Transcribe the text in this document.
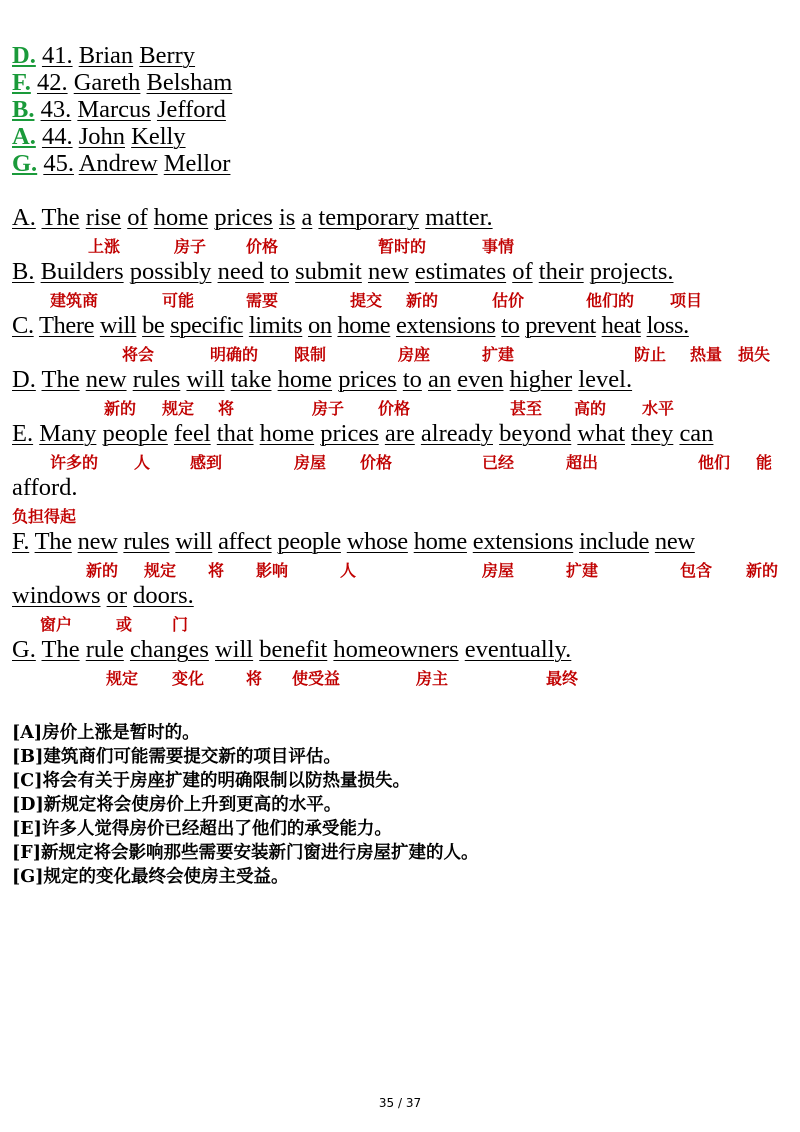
D. 41. Brian Berry
F. 42. Gareth Belsham
B. 43. Marcus Jefford
A. 44. John Kelly
G. 45. Andrew Mellor
A. The rise of home prices is a temporary matter.
上涨	房子 价格	暂时的	事情
B. Builders possibly need to submit new estimates of their projects.
建筑商	可能	需要	提交 新的	估价	他们的 项目
C. There will be specific limits on home extensions to prevent heat loss.
将会	明确的 限制	房座	扩建	防止 热量 损失
D. The new rules will take home prices to an even higher level.
新的 规定 将	房子 价格	甚至 高的 水平
E. Many people feel that home prices are already beyond what they can
许多的 人 感到	房屋 价格	已经	超出	他们 能
afford.
负担得起
F. The new rules will affect people whose home extensions include new
新的 规定 将 影响	人	房屋	扩建	包含 新的
windows or doors.
窗户	或 门
G. The rule changes will benefit homeowners eventually.
规定 变化	将 使受益	房主	最终
[A]房价上涨是暂时的。
[B]建筑商们可能需要提交新的项目评估。
[C]将会有关于房座扩建的明确限制以防热量损失。
[D]新规定将会使房价上升到更高的水平。
[E]许多人觉得房价已经超出了他们的承受能力。
[F]新规定将会影响那些需要安装新门窗进行房屋扩建的人。
[G]规定的变化最终会使房主受益。
35 / 37
